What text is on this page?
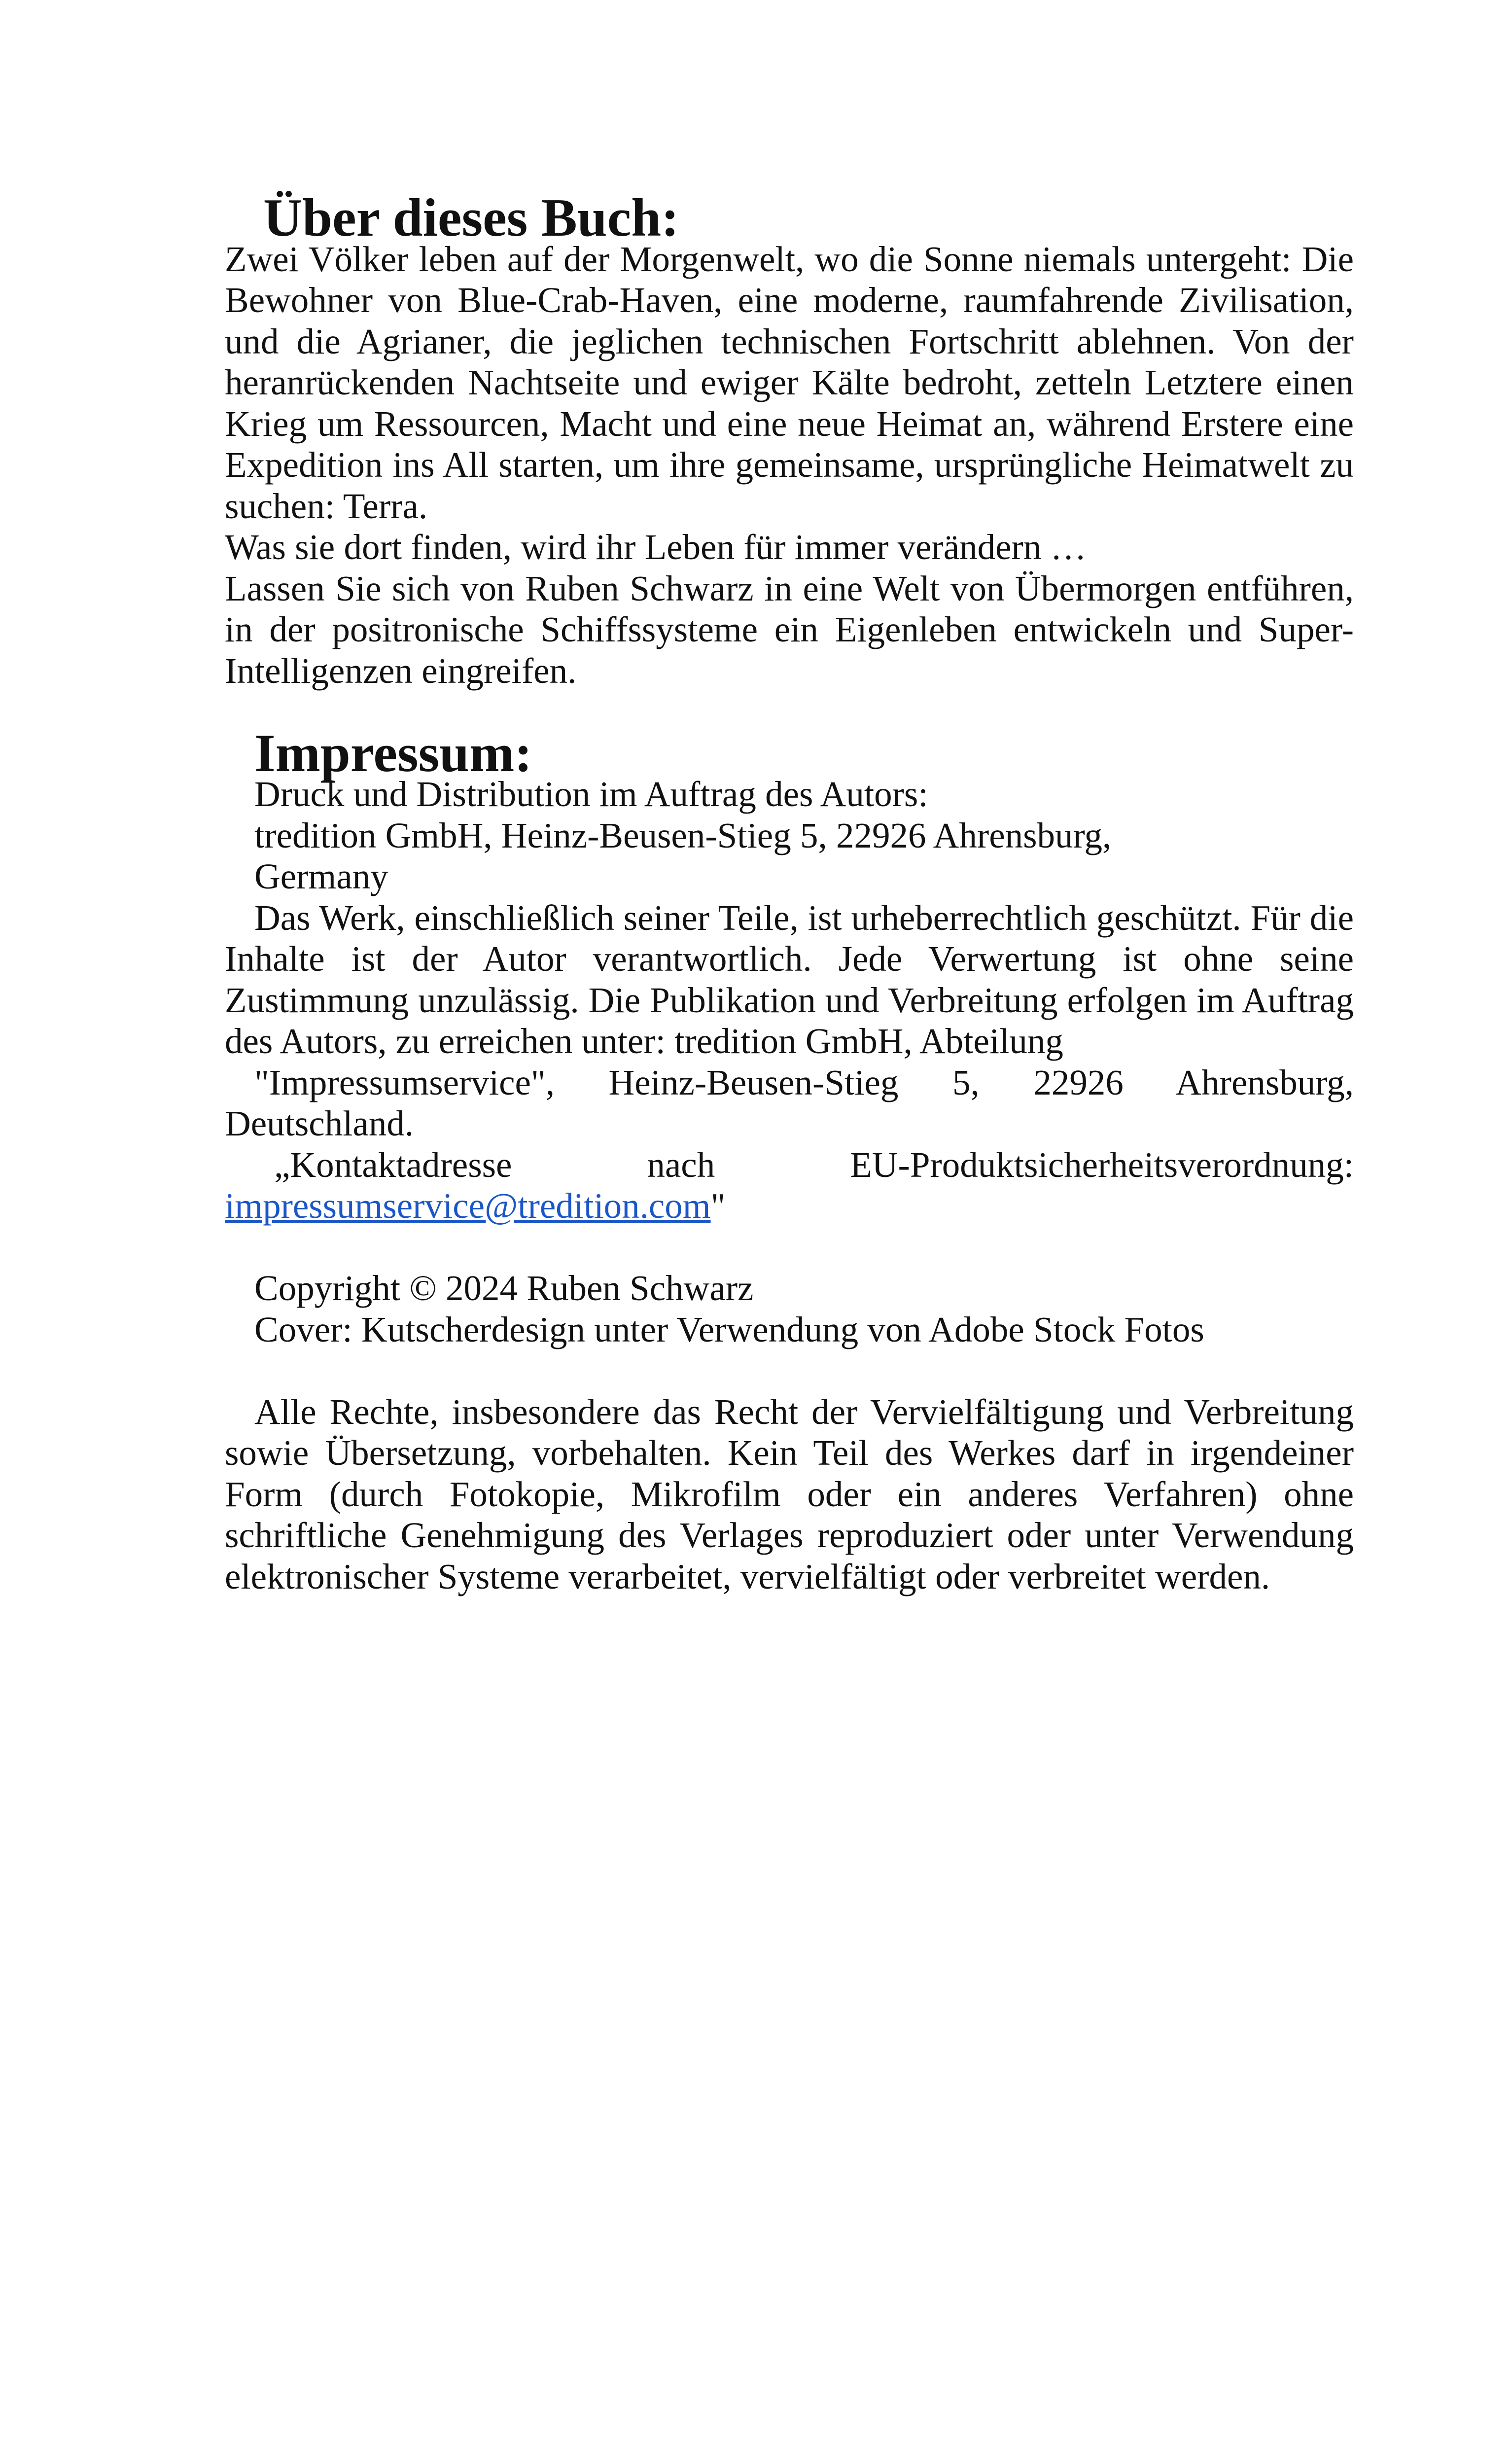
Über dieses Buch:

Zwei Völker leben auf der Morgenwelt, wo die Sonne niemals untergeht: Die Bewohner von Blue-Crab-Haven, eine moderne, raumfahrende Zivilisation, und die Agrianer, die jeglichen technischen Fortschritt ablehnen. Von der heranrückenden Nachtseite und ewiger Kälte bedroht, zetteln Letztere einen Krieg um Ressourcen, Macht und eine neue Heimat an, während Erstere eine Expedition ins All starten, um ihre gemeinsame, ursprüngliche Heimatwelt zu suchen: Terra.

Was sie dort finden, wird ihr Leben für immer verändern …

Lassen Sie sich von Ruben Schwarz in eine Welt von Übermorgen entführen, in der positronische Schiffssysteme ein Eigenleben entwickeln und Super-Intelligenzen eingreifen.

Impressum:

Druck und Distribution im Auftrag des Autors:

tredition GmbH, Heinz-Beusen-Stieg 5, 22926 Ahrensburg,

Germany

Das Werk, einschließlich seiner Teile, ist urheberrechtlich geschützt. Für die Inhalte ist der Autor verantwortlich. Jede Verwertung ist ohne seine Zustimmung unzulässig. Die Publikation und Verbreitung erfolgen im Auftrag des Autors, zu erreichen unter: tredition GmbH, Abteilung

"Impressumservice", Heinz-Beusen-Stieg 5, 22926 Ahrensburg, Deutschland.

„Kontaktadresse nach EU-Produktsicherheitsverordnung:

impressumservice@tredition.com"

Copyright © 2024 Ruben Schwarz

Cover: Kutscherdesign unter Verwendung von Adobe Stock Fotos

Alle Rechte, insbesondere das Recht der Vervielfältigung und Verbreitung sowie Übersetzung, vorbehalten. Kein Teil des Werkes darf in irgendeiner Form (durch Fotokopie, Mikrofilm oder ein anderes Verfahren) ohne schriftliche Genehmigung des Verlages reproduziert oder unter Verwendung elektronischer Systeme verarbeitet, vervielfältigt oder verbreitet werden.
